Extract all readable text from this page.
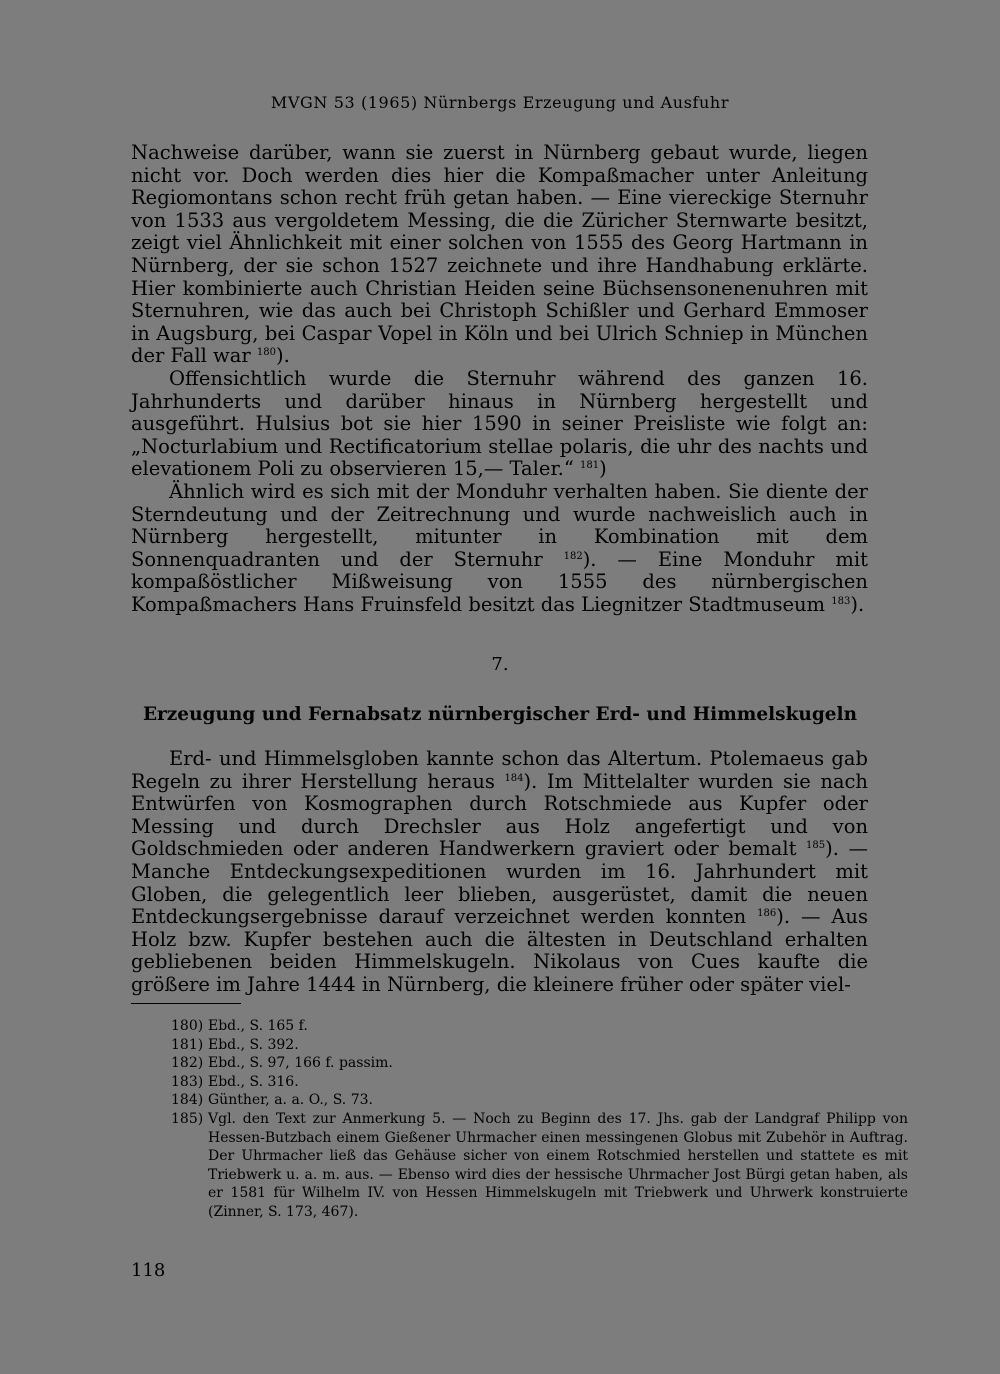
MVGN 53 (1965) Nürnbergs Erzeugung und Ausfuhr

Nachweise darüber, wann sie zuerst in Nürnberg gebaut wurde, liegen nicht vor. Doch werden dies hier die Kompaßmacher unter Anleitung Regiomontans schon recht früh getan haben. — Eine viereckige Sternuhr von 1533 aus vergoldetem Messing, die die Züricher Sternwarte besitzt, zeigt viel Ähnlichkeit mit einer solchen von 1555 des Georg Hartmann in Nürnberg, der sie schon 1527 zeichnete und ihre Handhabung erklärte. Hier kombinierte auch Christian Heiden seine Büchsensonenenuhren mit Sternuhren, wie das auch bei Christoph Schißler und Gerhard Emmoser in Augsburg, bei Caspar Vopel in Köln und bei Ulrich Schniep in München der Fall war $^{180}$).

Offensichtlich wurde die Sternuhr während des ganzen 16. Jahrhunderts und darüber hinaus in Nürnberg hergestellt und ausgeführt. Hulsius bot sie hier 1590 in seiner Preisliste wie folgt an: „Nocturlabium und Rectificatorium stellae polaris, die uhr des nachts und elevationem Poli zu observieren 15,— Taler.“ $^{181}$)

Ähnlich wird es sich mit der Monduhr verhalten haben. Sie diente der Sterndeutung und der Zeitrechnung und wurde nachweislich auch in Nürnberg hergestellt, mitunter in Kombination mit dem Sonnenquadranten und der Sternuhr $^{182}$). — Eine Monduhr mit kompaßöstlicher Mißweisung von 1555 des nürnbergischen Kompaßmachers Hans Fruinsfeld besitzt das Liegnitzer Stadtmuseum $^{183}$).

7.
Erzeugung und Fernabsatz nürnbergischer Erd- und Himmelskugeln

Erd- und Himmelsgloben kannte schon das Altertum. Ptolemaeus gab Regeln zu ihrer Herstellung heraus $^{184}$). Im Mittelalter wurden sie nach Entwürfen von Kosmographen durch Rotschmiede aus Kupfer oder Messing und durch Drechsler aus Holz angefertigt und von Goldschmieden oder anderen Handwerkern graviert oder bemalt $^{185}$). — Manche Entdeckungsexpeditionen wurden im 16. Jahrhundert mit Globen, die gelegentlich leer blieben, ausgerüstet, damit die neuen Entdeckungsergebnisse darauf verzeichnet werden konnten $^{186}$). — Aus Holz bzw. Kupfer bestehen auch die ältesten in Deutschland erhalten gebliebenen beiden Himmelskugeln. Nikolaus von Cues kaufte die größere im Jahre 1444 in Nürnberg, die kleinere früher oder später viel-

180) Ebd., S. 165 f.
181) Ebd., S. 392.
182) Ebd., S. 97, 166 f. passim.
183) Ebd., S. 316.
184) Günther, a. a. O., S. 73.
185) Vgl. den Text zur Anmerkung 5. — Noch zu Beginn des 17. Jhs. gab der Landgraf Philipp von Hessen-Butzbach einem Gießener Uhrmacher einen messingenen Globus mit Zubehör in Auftrag. Der Uhrmacher ließ das Gehäuse sicher von einem Rotschmied herstellen und stattete es mit Triebwerk u. a. m. aus. — Ebenso wird dies der hessische Uhrmacher Jost Bürgi getan haben, als er 1581 für Wilhelm IV. von Hessen Himmelskugeln mit Triebwerk und Uhrwerk konstruierte (Zinner, S. 173, 467).
118
